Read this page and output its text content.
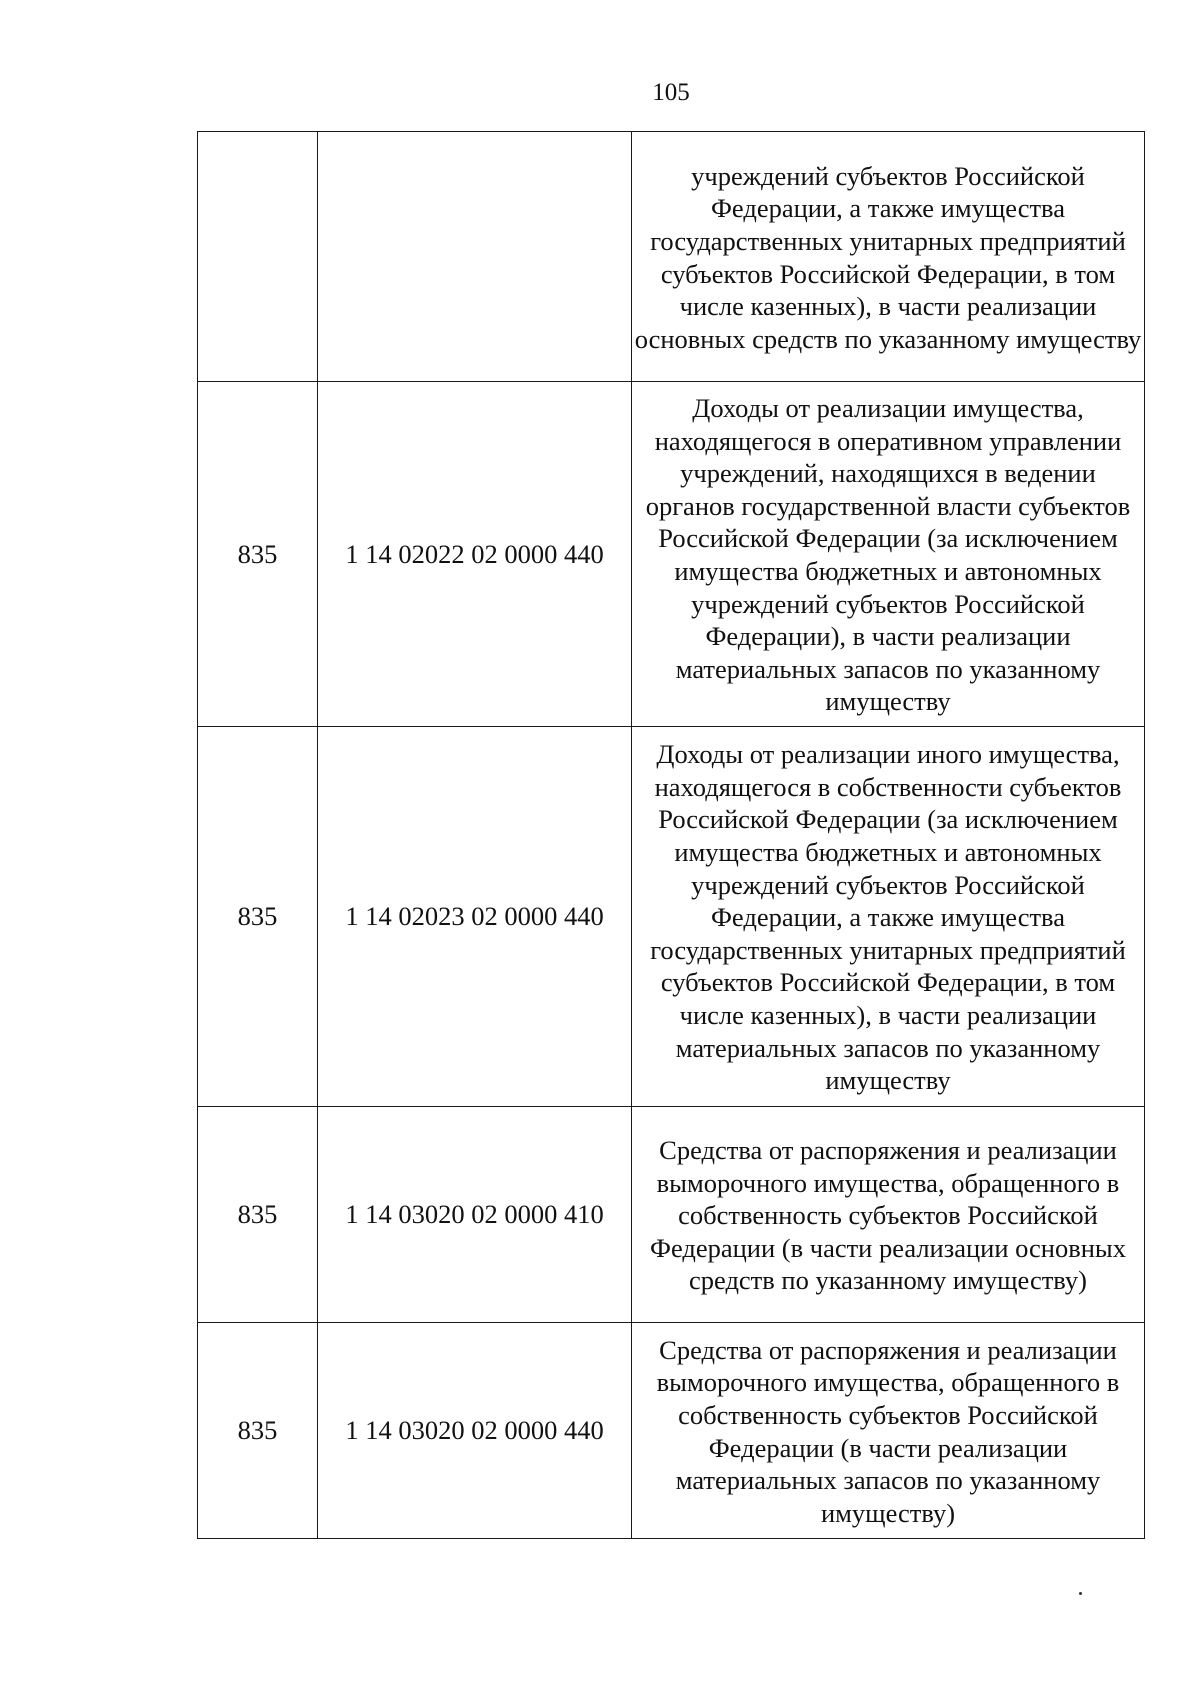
105
		учреждений субъектов Российской Федерации, а также имущества государственных унитарных предприятий субъектов Российской Федерации, в том числе казенных), в части реализации основных средств по указанному имуществу
835	1 14 02022 02 0000 440	Доходы от реализации имущества, находящегося в оперативном управлении учреждений, находящихся в ведении органов государственной власти субъектов Российской Федерации (за исключением имущества бюджетных и автономных учреждений субъектов Российской Федерации), в части реализации материальных запасов по указанному имуществу
835	1 14 02023 02 0000 440	Доходы от реализации иного имущества, находящегося в собственности субъектов Российской Федерации (за исключением имущества бюджетных и автономных учреждений субъектов Российской Федерации, а также имущества государственных унитарных предприятий субъектов Российской Федерации, в том числе казенных), в части реализации материальных запасов по указанному имуществу
835	1 14 03020 02 0000 410	Средства от распоряжения и реализации выморочного имущества, обращенного в собственность субъектов Российской Федерации (в части реализации основных средств по указанному имуществу)
835	1 14 03020 02 0000 440	Средства от распоряжения и реализации выморочного имущества, обращенного в собственность субъектов Российской Федерации (в части реализации материальных запасов по указанному имуществу)
